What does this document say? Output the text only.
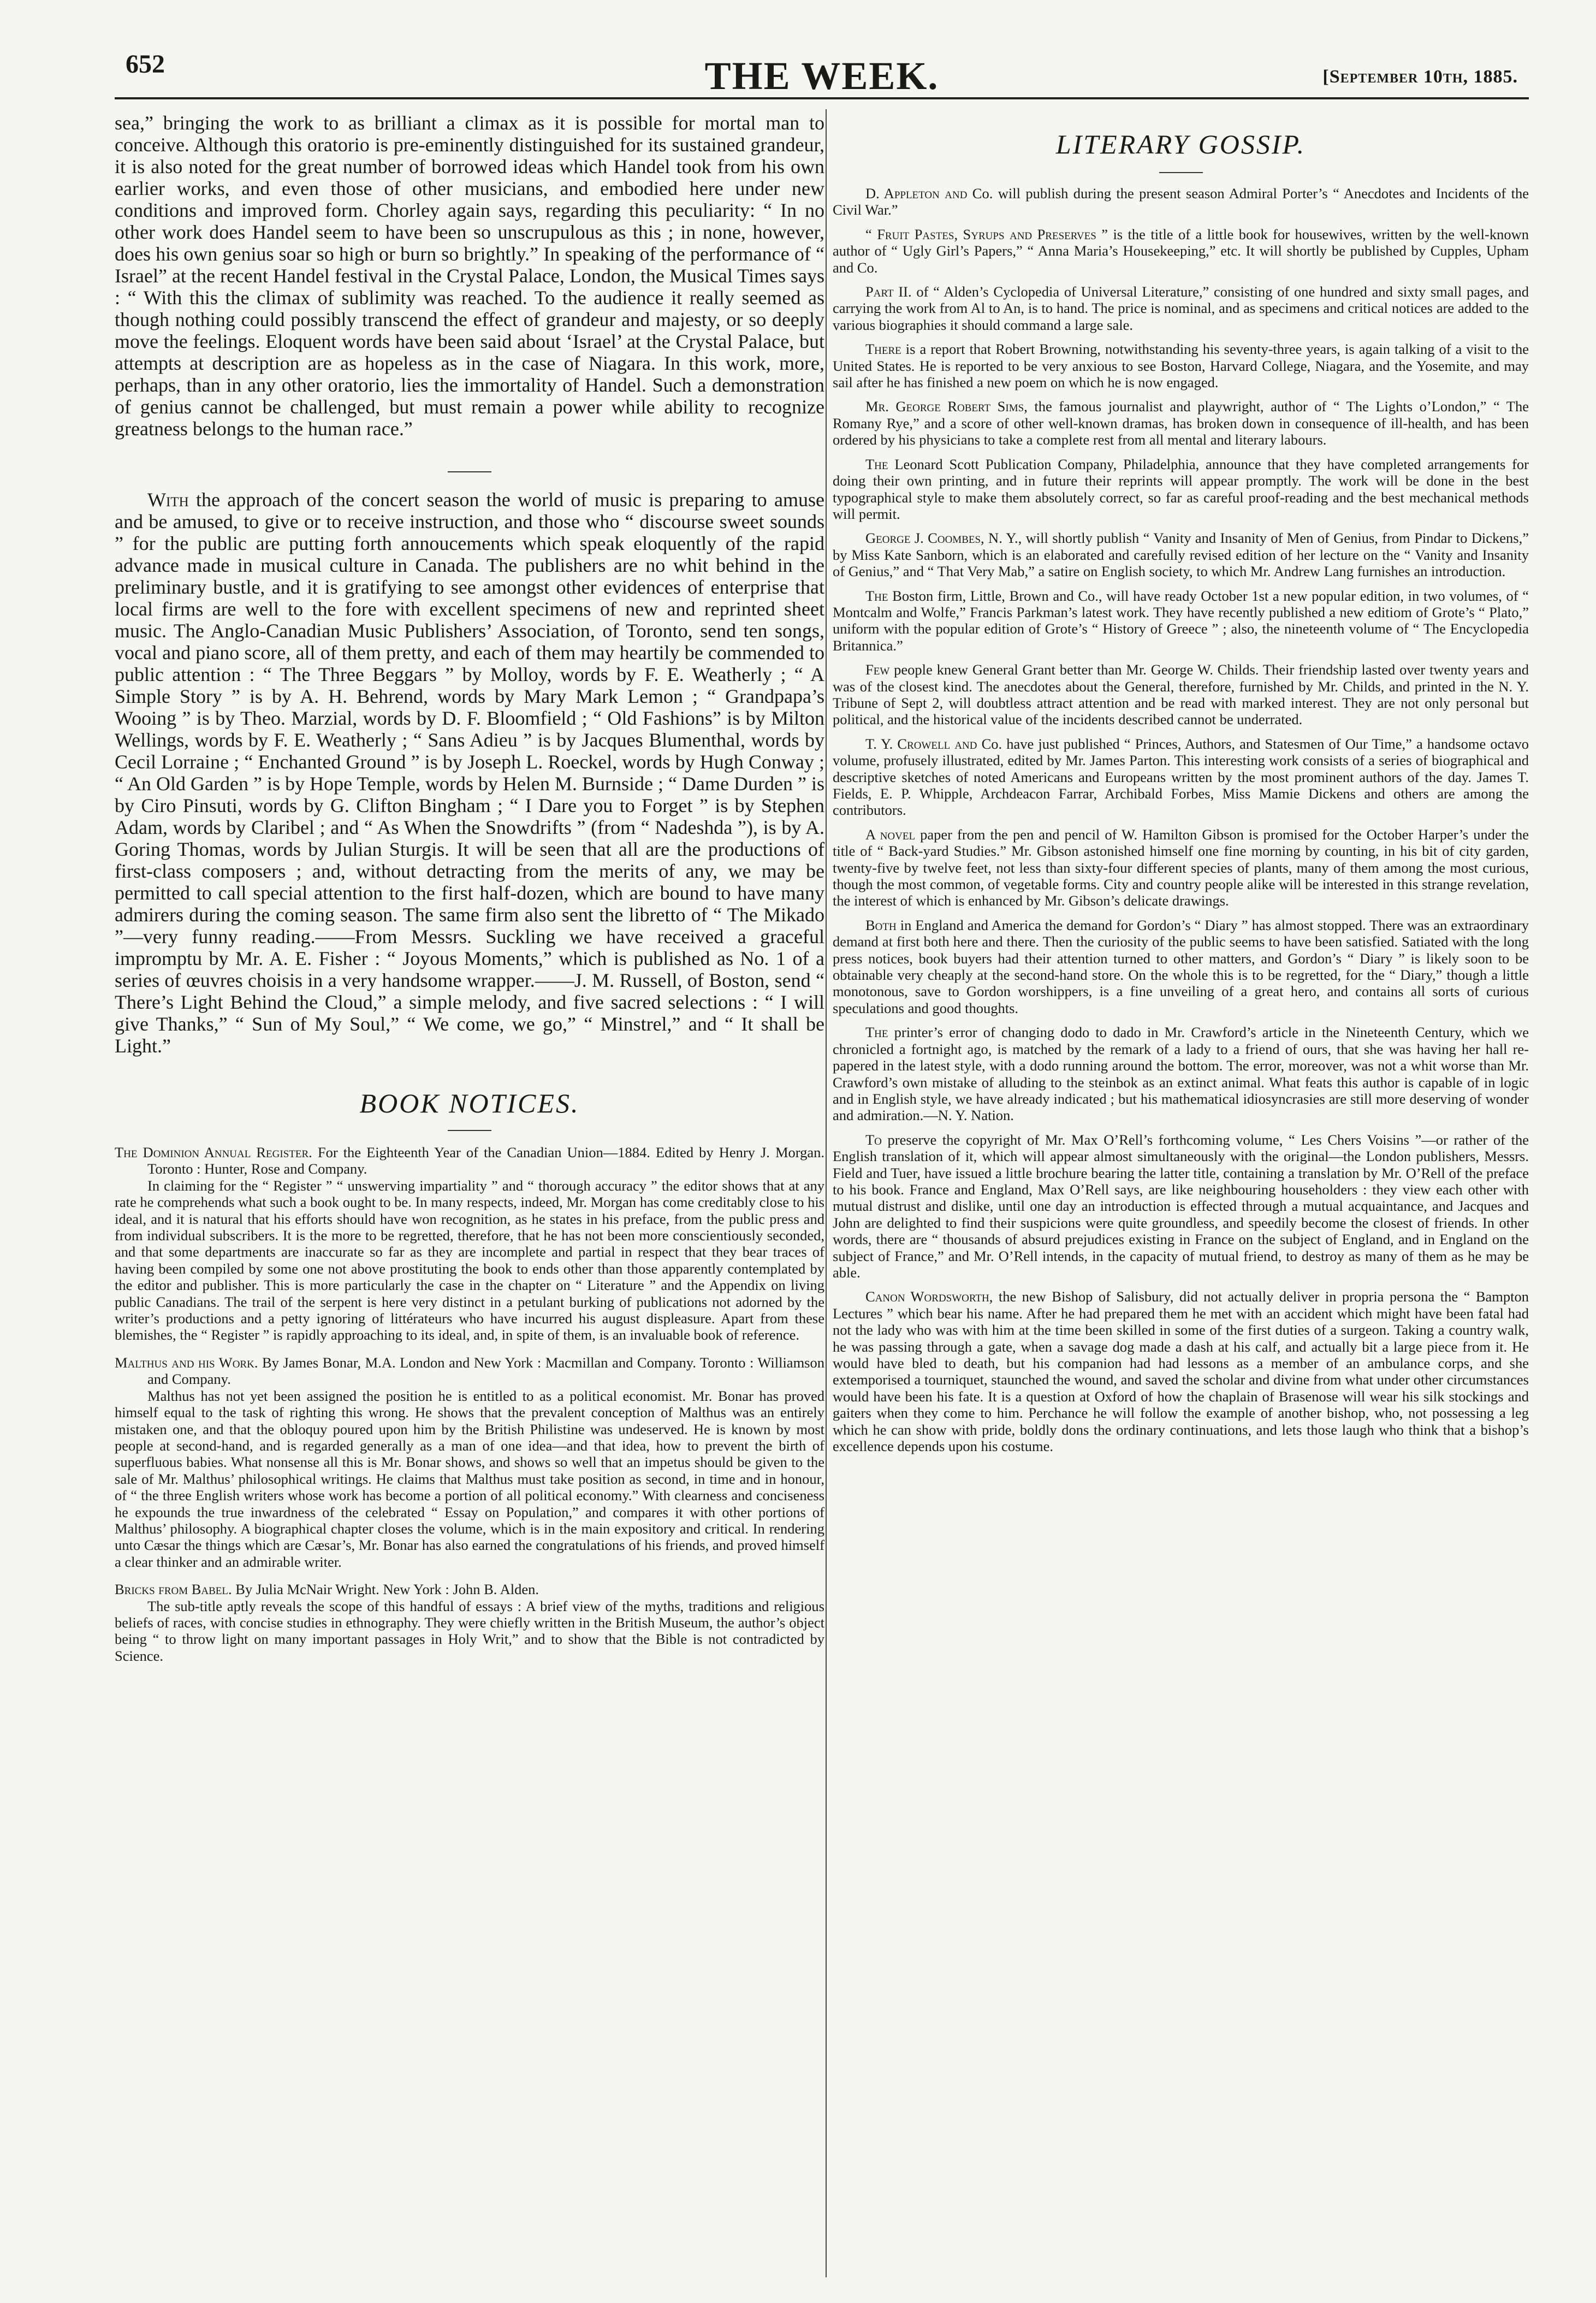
652	THE WEEK.	[September 10th, 1885.

sea,” bringing the work to as brilliant a climax as it is possible for mortal man to conceive. Although this oratorio is pre-eminently distinguished for its sustained grandeur, it is also noted for the great number of borrowed ideas which Handel took from his own earlier works, and even those of other musicians, and embodied here under new conditions and improved form. Chorley again says, regarding this peculiarity: “ In no other work does Handel seem to have been so unscrupulous as this ; in none, however, does his own genius soar so high or burn so brightly.” In speaking of the performance of “ Israel” at the recent Handel festival in the Crystal Palace, London, the Musical Times says : “ With this the climax of sublimity was reached. To the audience it really seemed as though nothing could possibly transcend the effect of grandeur and majesty, or so deeply move the feelings. Eloquent words have been said about ‘Israel’ at the Crystal Palace, but attempts at description are as hopeless as in the case of Niagara. In this work, more, perhaps, than in any other oratorio, lies the immortality of Handel. Such a demonstration of genius cannot be challenged, but must remain a power while ability to recognize greatness belongs to the human race.”

With the approach of the concert season the world of music is preparing to amuse and be amused, to give or to receive instruction, and those who “ discourse sweet sounds ” for the public are putting forth annoucements which speak eloquently of the rapid advance made in musical culture in Canada. The publishers are no whit behind in the preliminary bustle, and it is gratifying to see amongst other evidences of enterprise that local firms are well to the fore with excellent specimens of new and reprinted sheet music. The Anglo-Canadian Music Publishers’ Association, of Toronto, send ten songs, vocal and piano score, all of them pretty, and each of them may heartily be commended to public attention : “ The Three Beggars ” by Molloy, words by F. E. Weatherly ; “ A Simple Story ” is by A. H. Behrend, words by Mary Mark Lemon ; “ Grandpapa’s Wooing ” is by Theo. Marzial, words by D. F. Bloomfield ; “ Old Fashions” is by Milton Wellings, words by F. E. Weatherly ; “ Sans Adieu ” is by Jacques Blumenthal, words by Cecil Lorraine ; “ Enchanted Ground ” is by Joseph L. Roeckel, words by Hugh Conway ; “ An Old Garden ” is by Hope Temple, words by Helen M. Burnside ; “ Dame Durden ” is by Ciro Pinsuti, words by G. Clifton Bingham ; “ I Dare you to Forget ” is by Stephen Adam, words by Claribel ; and “ As When the Snowdrifts ” (from “ Nadeshda ”), is by A. Goring Thomas, words by Julian Sturgis. It will be seen that all are the productions of first-class composers ; and, without detracting from the merits of any, we may be permitted to call special attention to the first half-dozen, which are bound to have many admirers during the coming season. The same firm also sent the libretto of “ The Mikado ”—very funny reading.——From Messrs. Suckling we have received a graceful impromptu by Mr. A. E. Fisher : “ Joyous Moments,” which is published as No. 1 of a series of œuvres choisis in a very handsome wrapper.——J. M. Russell, of Boston, send “ There’s Light Behind the Cloud,” a simple melody, and five sacred selections : “ I will give Thanks,” “ Sun of My Soul,” “ We come, we go,” “ Minstrel,” and “ It shall be Light.”

BOOK NOTICES.

The Dominion Annual Register. For the Eighteenth Year of the Canadian Union—1884. Edited by Henry J. Morgan. Toronto : Hunter, Rose and Company.

In claiming for the “ Register ” “ unswerving impartiality ” and “ thorough accuracy ” the editor shows that at any rate he comprehends what such a book ought to be. In many respects, indeed, Mr. Morgan has come creditably close to his ideal, and it is natural that his efforts should have won recognition, as he states in his preface, from the public press and from individual subscribers. It is the more to be regretted, therefore, that he has not been more conscientiously seconded, and that some departments are inaccurate so far as they are incomplete and partial in respect that they bear traces of having been compiled by some one not above prostituting the book to ends other than those apparently contemplated by the editor and publisher. This is more particularly the case in the chapter on “ Literature ” and the Appendix on living public Canadians. The trail of the serpent is here very distinct in a petulant burking of publications not adorned by the writer’s productions and a petty ignoring of littérateurs who have incurred his august displeasure. Apart from these blemishes, the “ Register ” is rapidly approaching to its ideal, and, in spite of them, is an invaluable book of reference.

Malthus and his Work. By James Bonar, M.A. London and New York : Macmillan and Company. Toronto : Williamson and Company.

Malthus has not yet been assigned the position he is entitled to as a political economist. Mr. Bonar has proved himself equal to the task of righting this wrong. He shows that the prevalent conception of Malthus was an entirely mistaken one, and that the obloquy poured upon him by the British Philistine was undeserved. He is known by most people at second-hand, and is regarded generally as a man of one idea—and that idea, how to prevent the birth of superfluous babies. What nonsense all this is Mr. Bonar shows, and shows so well that an impetus should be given to the sale of Mr. Malthus’ philosophical writings. He claims that Malthus must take position as second, in time and in honour, of “ the three English writers whose work has become a portion of all political economy.” With clearness and conciseness he expounds the true inwardness of the celebrated “ Essay on Population,” and compares it with other portions of Malthus’ philosophy. A biographical chapter closes the volume, which is in the main expository and critical. In rendering unto Cæsar the things which are Cæsar’s, Mr. Bonar has also earned the congratulations of his friends, and proved himself a clear thinker and an admirable writer.

Bricks from Babel. By Julia McNair Wright. New York : John B. Alden.

The sub-title aptly reveals the scope of this handful of essays : A brief view of the myths, traditions and religious beliefs of races, with concise studies in ethnography. They were chiefly written in the British Museum, the author’s object being “ to throw light on many important passages in Holy Writ,” and to show that the Bible is not contradicted by Science.

LITERARY GOSSIP.

D. Appleton and Co. will publish during the present season Admiral Porter’s “ Anecdotes and Incidents of the Civil War.”

“ Fruit Pastes, Syrups and Preserves ” is the title of a little book for housewives, written by the well-known author of “ Ugly Girl’s Papers,” “ Anna Maria’s Housekeeping,” etc. It will shortly be published by Cupples, Upham and Co.

Part II. of “ Alden’s Cyclopedia of Universal Literature,” consisting of one hundred and sixty small pages, and carrying the work from Al to An, is to hand. The price is nominal, and as specimens and critical notices are added to the various biographies it should command a large sale.

There is a report that Robert Browning, notwithstanding his seventy-three years, is again talking of a visit to the United States. He is reported to be very anxious to see Boston, Harvard College, Niagara, and the Yosemite, and may sail after he has finished a new poem on which he is now engaged.

Mr. George Robert Sims, the famous journalist and playwright, author of “ The Lights o’London,” “ The Romany Rye,” and a score of other well-known dramas, has broken down in consequence of ill-health, and has been ordered by his physicians to take a complete rest from all mental and literary labours.

The Leonard Scott Publication Company, Philadelphia, announce that they have completed arrangements for doing their own printing, and in future their reprints will appear promptly. The work will be done in the best typographical style to make them absolutely correct, so far as careful proof-reading and the best mechanical methods will permit.

George J. Coombes, N. Y., will shortly publish “ Vanity and Insanity of Men of Genius, from Pindar to Dickens,” by Miss Kate Sanborn, which is an elaborated and carefully revised edition of her lecture on the “ Vanity and Insanity of Genius,” and “ That Very Mab,” a satire on English society, to which Mr. Andrew Lang furnishes an introduction.

The Boston firm, Little, Brown and Co., will have ready October 1st a new popular edition, in two volumes, of “ Montcalm and Wolfe,” Francis Parkman’s latest work. They have recently published a new editiom of Grote’s “ Plato,” uniform with the popular edition of Grote’s “ History of Greece ” ; also, the nineteenth volume of “ The Encyclopedia Britannica.”

Few people knew General Grant better than Mr. George W. Childs. Their friendship lasted over twenty years and was of the closest kind. The anecdotes about the General, therefore, furnished by Mr. Childs, and printed in the N. Y. Tribune of Sept 2, will doubtless attract attention and be read with marked interest. They are not only personal but political, and the historical value of the incidents described cannot be underrated.

T. Y. Crowell and Co. have just published “ Princes, Authors, and Statesmen of Our Time,” a handsome octavo volume, profusely illustrated, edited by Mr. James Parton. This interesting work consists of a series of biographical and descriptive sketches of noted Americans and Europeans written by the most prominent authors of the day. James T. Fields, E. P. Whipple, Archdeacon Farrar, Archibald Forbes, Miss Mamie Dickens and others are among the contributors.

A novel paper from the pen and pencil of W. Hamilton Gibson is promised for the October Harper’s under the title of “ Back-yard Studies.” Mr. Gibson astonished himself one fine morning by counting, in his bit of city garden, twenty-five by twelve feet, not less than sixty-four different species of plants, many of them among the most curious, though the most common, of vegetable forms. City and country people alike will be interested in this strange revelation, the interest of which is enhanced by Mr. Gibson’s delicate drawings.

Both in England and America the demand for Gordon’s “ Diary ” has almost stopped. There was an extraordinary demand at first both here and there. Then the curiosity of the public seems to have been satisfied. Satiated with the long press notices, book buyers had their attention turned to other matters, and Gordon’s “ Diary ” is likely soon to be obtainable very cheaply at the second-hand store. On the whole this is to be regretted, for the “ Diary,” though a little monotonous, save to Gordon worshippers, is a fine unveiling of a great hero, and contains all sorts of curious speculations and good thoughts.

The printer’s error of changing dodo to dado in Mr. Crawford’s article in the Nineteenth Century, which we chronicled a fortnight ago, is matched by the remark of a lady to a friend of ours, that she was having her hall re-papered in the latest style, with a dodo running around the bottom. The error, moreover, was not a whit worse than Mr. Crawford’s own mistake of alluding to the steinbok as an extinct animal. What feats this author is capable of in logic and in English style, we have already indicated ; but his mathematical idiosyncrasies are still more deserving of wonder and admiration.—N. Y. Nation.

To preserve the copyright of Mr. Max O’Rell’s forthcoming volume, “ Les Chers Voisins ”—or rather of the English translation of it, which will appear almost simultaneously with the original—the London publishers, Messrs. Field and Tuer, have issued a little brochure bearing the latter title, containing a translation by Mr. O’Rell of the preface to his book. France and England, Max O’Rell says, are like neighbouring householders : they view each other with mutual distrust and dislike, until one day an introduction is effected through a mutual acquaintance, and Jacques and John are delighted to find their suspicions were quite groundless, and speedily become the closest of friends. In other words, there are “ thousands of absurd prejudices existing in France on the subject of England, and in England on the subject of France,” and Mr. O’Rell intends, in the capacity of mutual friend, to destroy as many of them as he may be able.

Canon Wordsworth, the new Bishop of Salisbury, did not actually deliver in propria persona the “ Bampton Lectures ” which bear his name. After he had prepared them he met with an accident which might have been fatal had not the lady who was with him at the time been skilled in some of the first duties of a surgeon. Taking a country walk, he was passing through a gate, when a savage dog made a dash at his calf, and actually bit a large piece from it. He would have bled to death, but his companion had had lessons as a member of an ambulance corps, and she extemporised a tourniquet, staunched the wound, and saved the scholar and divine from what under other circumstances would have been his fate. It is a question at Oxford of how the chaplain of Brasenose will wear his silk stockings and gaiters when they come to him. Perchance he will follow the example of another bishop, who, not possessing a leg which he can show with pride, boldly dons the ordinary continuations, and lets those laugh who think that a bishop’s excellence depends upon his costume.
